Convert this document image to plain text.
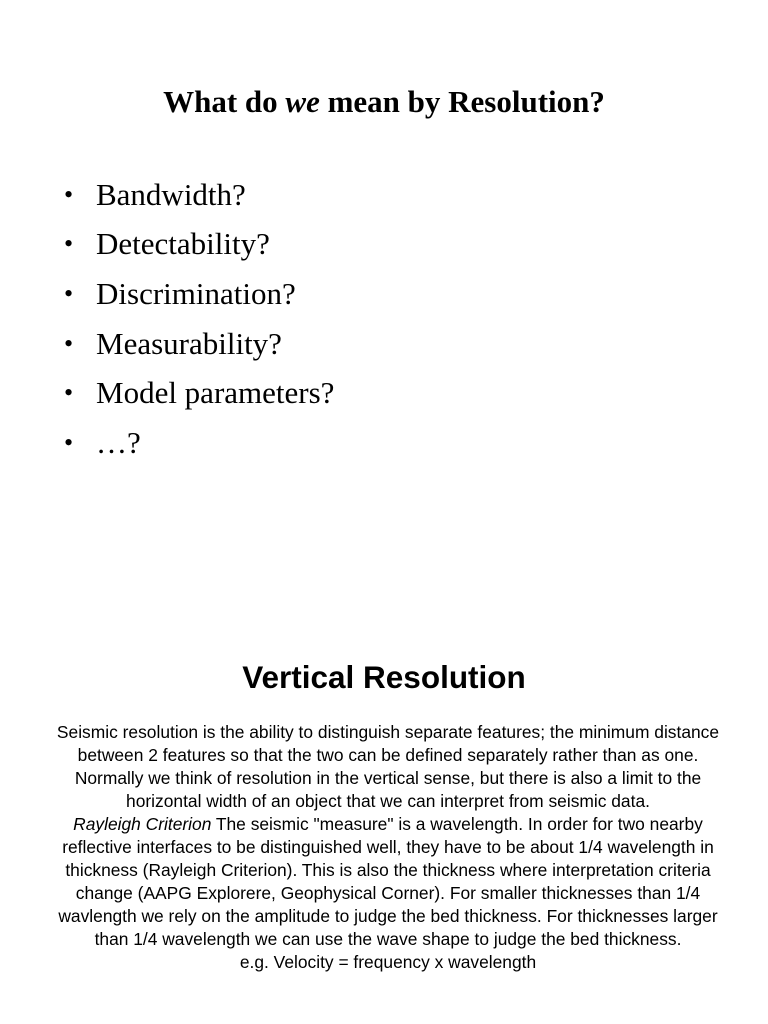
What do we mean by Resolution?
• Bandwidth?
• Detectability?
• Discrimination?
• Measurability?
• Model parameters?
• …?
Vertical Resolution

Seismic resolution is the ability to distinguish separate features; the minimum distance between 2 features so that the two can be defined separately rather than as one. Normally we think of resolution in the vertical sense, but there is also a limit to the horizontal width of an object that we can interpret from seismic data.

Rayleigh Criterion The seismic "measure" is a wavelength. In order for two nearby reflective interfaces to be distinguished well, they have to be about 1/4 wavelength in thickness (Rayleigh Criterion). This is also the thickness where interpretation criteria change (AAPG Explorere, Geophysical Corner). For smaller thicknesses than 1/4 wavlength we rely on the amplitude to judge the bed thickness. For thicknesses larger than 1/4 wavelength we can use the wave shape to judge the bed thickness.

e.g. Velocity = frequency x wavelength
